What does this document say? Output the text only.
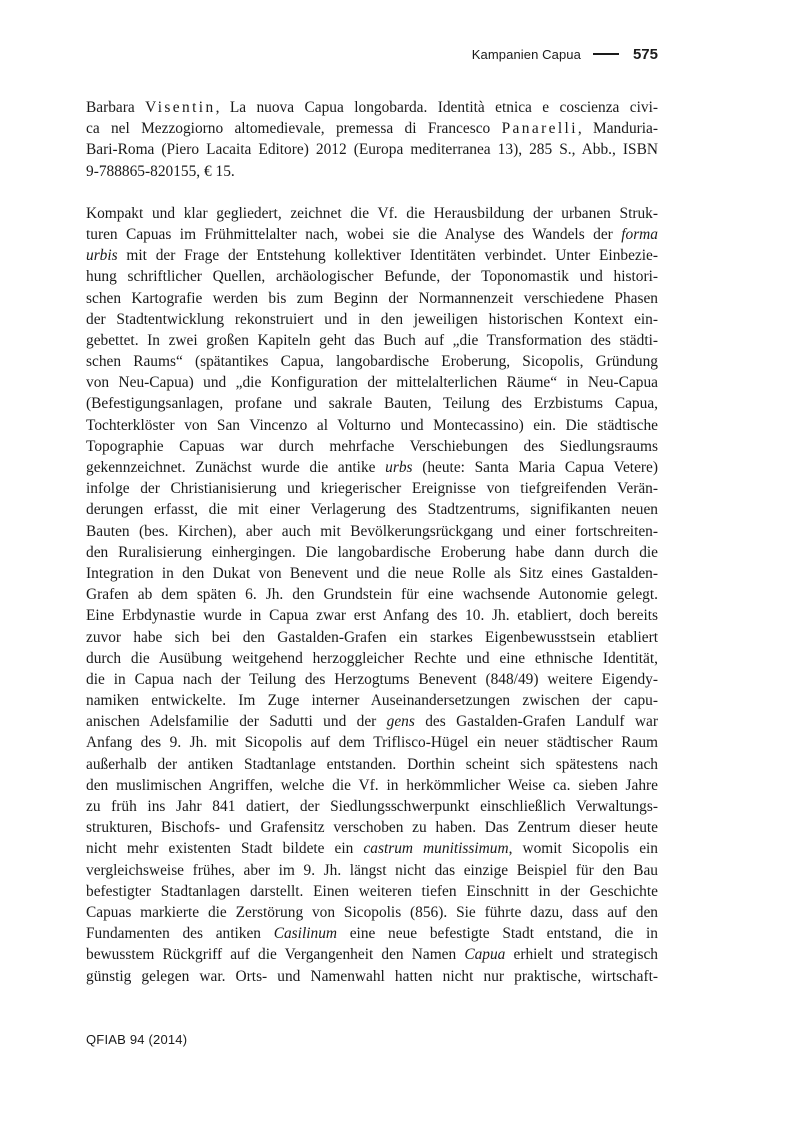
Kampanien Capua	575
Barbara Visentin, La nuova Capua longobarda. Identità etnica e coscienza civi-
ca nel Mezzogiorno altomedievale, premessa di Francesco Panarelli, Manduria-
Bari-Roma (Piero Lacaita Editore) 2012 (Europa mediterranea 13), 285 S., Abb., ISBN
9-788865-820155, € 15.
Kompakt und klar gegliedert, zeichnet die Vf. die Herausbildung der urbanen Struk-
turen Capuas im Frühmittelalter nach, wobei sie die Analyse des Wandels der forma
urbis mit der Frage der Entstehung kollektiver Identitäten verbindet. Unter Einbezie-
hung schriftlicher Quellen, archäologischer Befunde, der Toponomastik und histori-
schen Kartografie werden bis zum Beginn der Normannenzeit verschiedene Phasen
der Stadtentwicklung rekonstruiert und in den jeweiligen historischen Kontext ein-
gebettet. In zwei großen Kapiteln geht das Buch auf „die Transformation des städti-
schen Raums“ (spätantikes Capua, langobardische Eroberung, Sicopolis, Gründung
von Neu-Capua) und „die Konfiguration der mittelalterlichen Räume“ in Neu-Capua
(Befestigungsanlagen, profane und sakrale Bauten, Teilung des Erzbistums Capua,
Tochterklöster von San Vincenzo al Volturno und Montecassino) ein. Die städtische
Topographie Capuas war durch mehrfache Verschiebungen des Siedlungsraums
gekennzeichnet. Zunächst wurde die antike urbs (heute: Santa Maria Capua Vetere)
infolge der Christianisierung und kriegerischer Ereignisse von tiefgreifenden Verän-
derungen erfasst, die mit einer Verlagerung des Stadtzentrums, signifikanten neuen
Bauten (bes. Kirchen), aber auch mit Bevölkerungsrückgang und einer fortschreiten-
den Ruralisierung einhergingen. Die langobardische Eroberung habe dann durch die
Integration in den Dukat von Benevent und die neue Rolle als Sitz eines Gastalden-
Grafen ab dem späten 6. Jh. den Grundstein für eine wachsende Autonomie gelegt.
Eine Erbdynastie wurde in Capua zwar erst Anfang des 10. Jh. etabliert, doch bereits
zuvor habe sich bei den Gastalden-Grafen ein starkes Eigenbewusstsein etabliert
durch die Ausübung weitgehend herzoggleicher Rechte und eine ethnische Identität,
die in Capua nach der Teilung des Herzogtums Benevent (848/49) weitere Eigendy-
namiken entwickelte. Im Zuge interner Auseinandersetzungen zwischen der capu-
anischen Adelsfamilie der Sadutti und der gens des Gastalden-Grafen Landulf war
Anfang des 9. Jh. mit Sicopolis auf dem Triflisco-Hügel ein neuer städtischer Raum
außerhalb der antiken Stadtanlage entstanden. Dorthin scheint sich spätestens nach
den muslimischen Angriffen, welche die Vf. in herkömmlicher Weise ca. sieben Jahre
zu früh ins Jahr 841 datiert, der Siedlungsschwerpunkt einschließlich Verwaltungs-
strukturen, Bischofs- und Grafensitz verschoben zu haben. Das Zentrum dieser heute
nicht mehr existenten Stadt bildete ein castrum munitissimum, womit Sicopolis ein
vergleichsweise frühes, aber im 9. Jh. längst nicht das einzige Beispiel für den Bau
befestigter Stadtanlagen darstellt. Einen weiteren tiefen Einschnitt in der Geschichte
Capuas markierte die Zerstörung von Sicopolis (856). Sie führte dazu, dass auf den
Fundamenten des antiken Casilinum eine neue befestigte Stadt entstand, die in
bewusstem Rückgriff auf die Vergangenheit den Namen Capua erhielt und strategisch
günstig gelegen war. Orts- und Namenwahl hatten nicht nur praktische, wirtschaft-
QFIAB 94 (2014)
